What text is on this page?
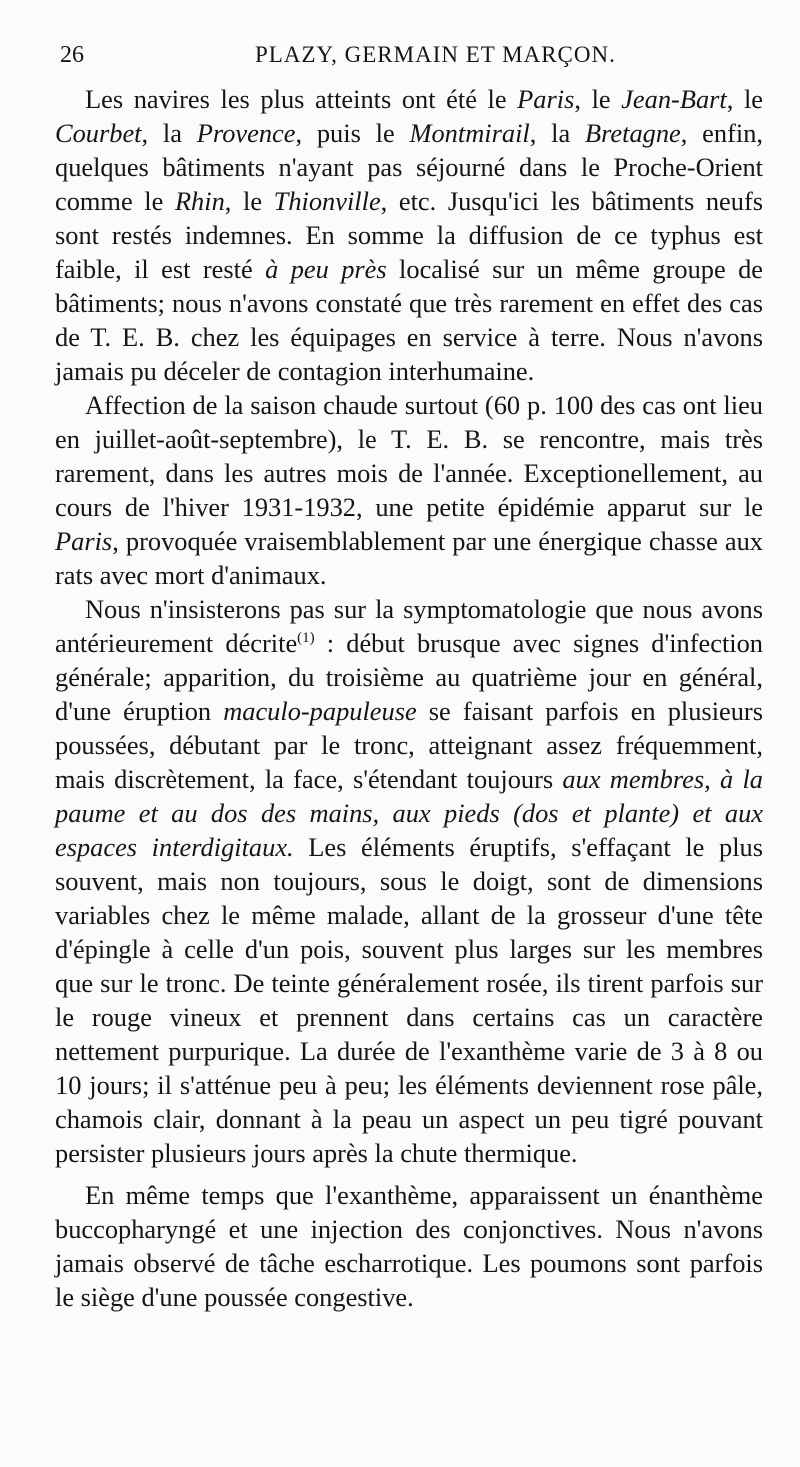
26	PLAZY, GERMAIN ET MARÇON.

Les navires les plus atteints ont été le Paris, le Jean-Bart, le Courbet, la Provence, puis le Montmirail, la Bretagne, enfin, quelques bâtiments n'ayant pas séjourné dans le Proche-Orient comme le Rhin, le Thionville, etc. Jusqu'ici les bâtiments neufs sont restés indemnes. En somme la diffusion de ce typhus est faible, il est resté à peu près localisé sur un même groupe de bâtiments; nous n'avons constaté que très rarement en effet des cas de T. E. B. chez les équipages en service à terre. Nous n'avons jamais pu déceler de contagion interhumaine.

Affection de la saison chaude surtout (60 p. 100 des cas ont lieu en juillet-août-septembre), le T. E. B. se rencontre, mais très rarement, dans les autres mois de l'année. Exceptionellement, au cours de l'hiver 1931-1932, une petite épidémie apparut sur le Paris, provoquée vraisemblablement par une énergique chasse aux rats avec mort d'animaux.

Nous n'insisterons pas sur la symptomatologie que nous avons antérieurement décrite$^{(1)}$ : début brusque avec signes d'infection générale; apparition, du troisième au quatrième jour en général, d'une éruption maculo-papuleuse se faisant parfois en plusieurs poussées, débutant par le tronc, atteignant assez fréquemment, mais discrètement, la face, s'étendant toujours aux membres, à la paume et au dos des mains, aux pieds (dos et plante) et aux espaces interdigitaux. Les éléments éruptifs, s'effaçant le plus souvent, mais non toujours, sous le doigt, sont de dimensions variables chez le même malade, allant de la grosseur d'une tête d'épingle à celle d'un pois, souvent plus larges sur les membres que sur le tronc. De teinte généralement rosée, ils tirent parfois sur le rouge vineux et prennent dans certains cas un caractère nettement purpurique. La durée de l'exanthème varie de 3 à 8 ou 10 jours; il s'atténue peu à peu; les éléments deviennent rose pâle, chamois clair, donnant à la peau un aspect un peu tigré pouvant persister plusieurs jours après la chute thermique.

En même temps que l'exanthème, apparaissent un énanthème buccopharyngé et une injection des conjonctives. Nous n'avons jamais observé de tâche escharrotique. Les poumons sont parfois le siège d'une poussée congestive.
